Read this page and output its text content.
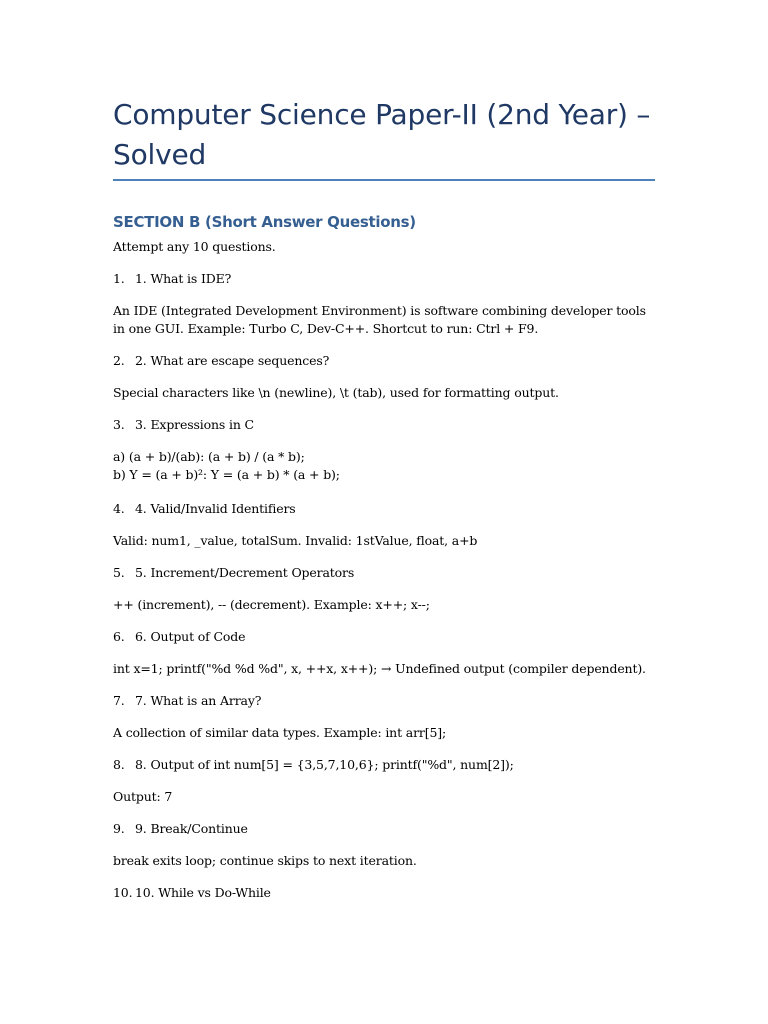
Computer Science Paper-II (2nd Year) – Solved
SECTION B (Short Answer Questions)

Attempt any 10 questions.

1. 1. What is IDE?

An IDE (Integrated Development Environment) is software combining developer tools in one GUI. Example: Turbo C, Dev-C++. Shortcut to run: Ctrl + F9.

2. 2. What are escape sequences?

Special characters like \n (newline), \t (tab), used for formatting output.

3. 3. Expressions in C

a) (a + b)/(ab): (a + b) / (a * b);
b) Y = (a + b)²: Y = (a + b) * (a + b);

4. 4. Valid/Invalid Identifiers

Valid: num1, _value, totalSum. Invalid: 1stValue, float, a+b

5. 5. Increment/Decrement Operators

++ (increment), -- (decrement). Example: x++; x--;

6. 6. Output of Code

int x=1; printf("%d %d %d", x, ++x, x++); → Undefined output (compiler dependent).

7. 7. What is an Array?

A collection of similar data types. Example: int arr[5];

8. 8. Output of int num[5] = {3,5,7,10,6}; printf("%d", num[2]);

Output: 7

9. 9. Break/Continue

break exits loop; continue skips to next iteration.

10. 10. While vs Do-While
